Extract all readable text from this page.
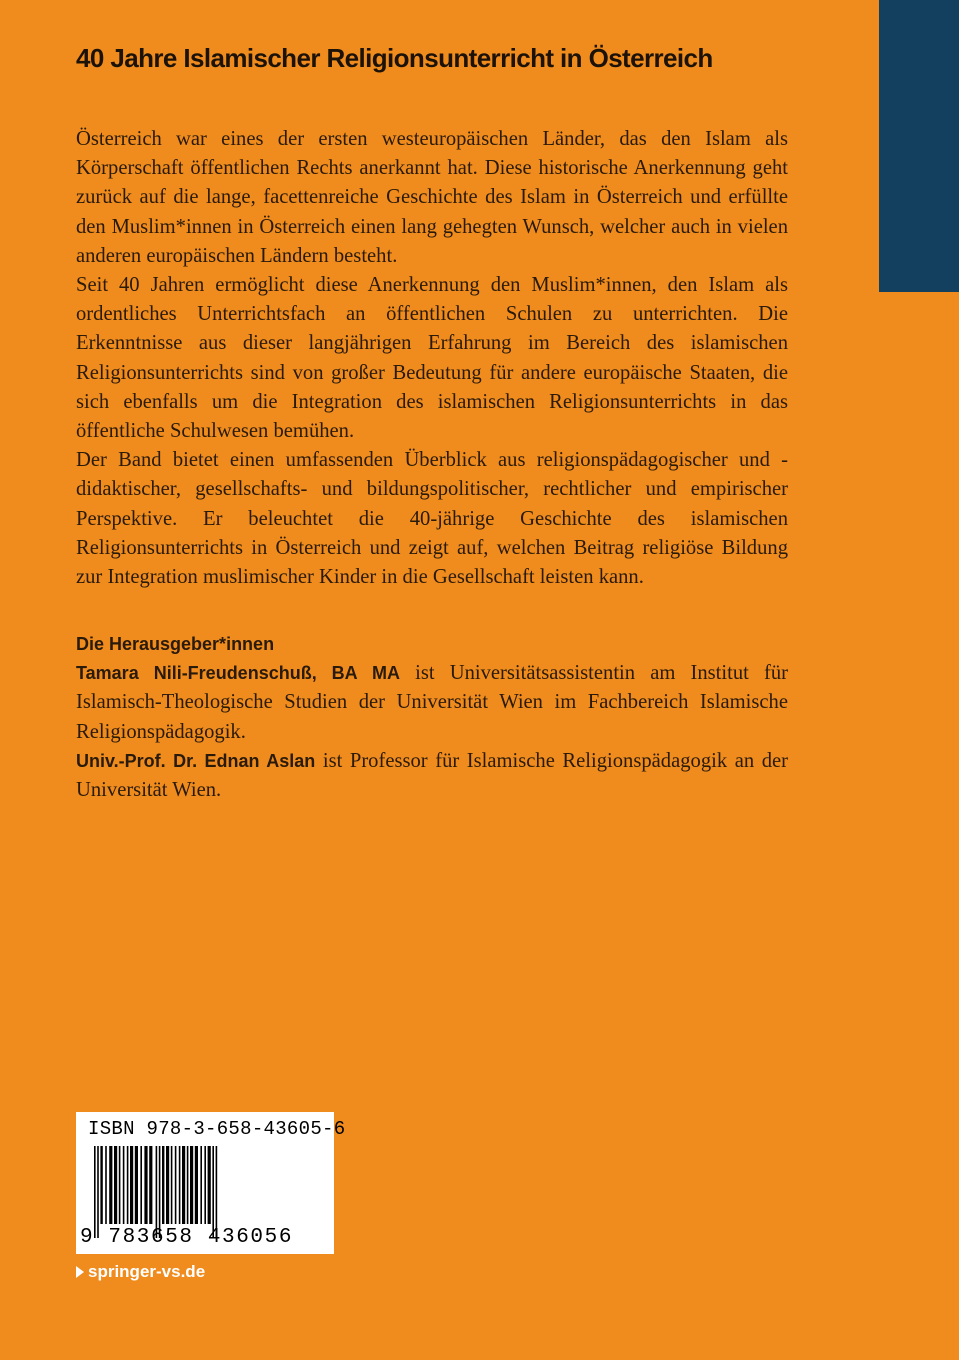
40 Jahre Islamischer Religionsunterricht in Österreich

Österreich war eines der ersten westeuropäischen Länder, das den Islam als Körperschaft öffentlichen Rechts anerkannt hat. Diese historische Anerkennung geht zurück auf die lange, facettenreiche Geschichte des Islam in Österreich und erfüllte den Muslim*innen in Österreich einen lang gehegten Wunsch, welcher auch in vielen anderen europäischen Ländern besteht.

Seit 40 Jahren ermöglicht diese Anerkennung den Muslim*innen, den Islam als ordentliches Unterrichtsfach an öffentlichen Schulen zu unterrichten. Die Erkenntnisse aus dieser langjährigen Erfahrung im Bereich des islamischen Religionsunterrichts sind von großer Bedeutung für andere europäische Staaten, die sich ebenfalls um die Integration des islamischen Religionsunterrichts in das öffentliche Schulwesen bemühen.

Der Band bietet einen umfassenden Überblick aus religionspädagogischer und -didaktischer, gesellschafts- und bildungspolitischer, rechtlicher und empirischer Perspektive. Er beleuchtet die 40-jährige Geschichte des islamischen Religionsunterrichts in Österreich und zeigt auf, welchen Beitrag religiöse Bildung zur Integration muslimischer Kinder in die Gesellschaft leisten kann.

Die Herausgeber*innen

Tamara Nili-Freudenschuß, BA MA ist Universitätsassistentin am Institut für Islamisch-Theologische Studien der Universität Wien im Fachbereich Islamische Religionspädagogik.

Univ.-Prof. Dr. Ednan Aslan ist Professor für Islamische Religionspädagogik an der Universität Wien.

ISBN 978-3-658-43605-6
9 783658 436056
springer-vs.de
